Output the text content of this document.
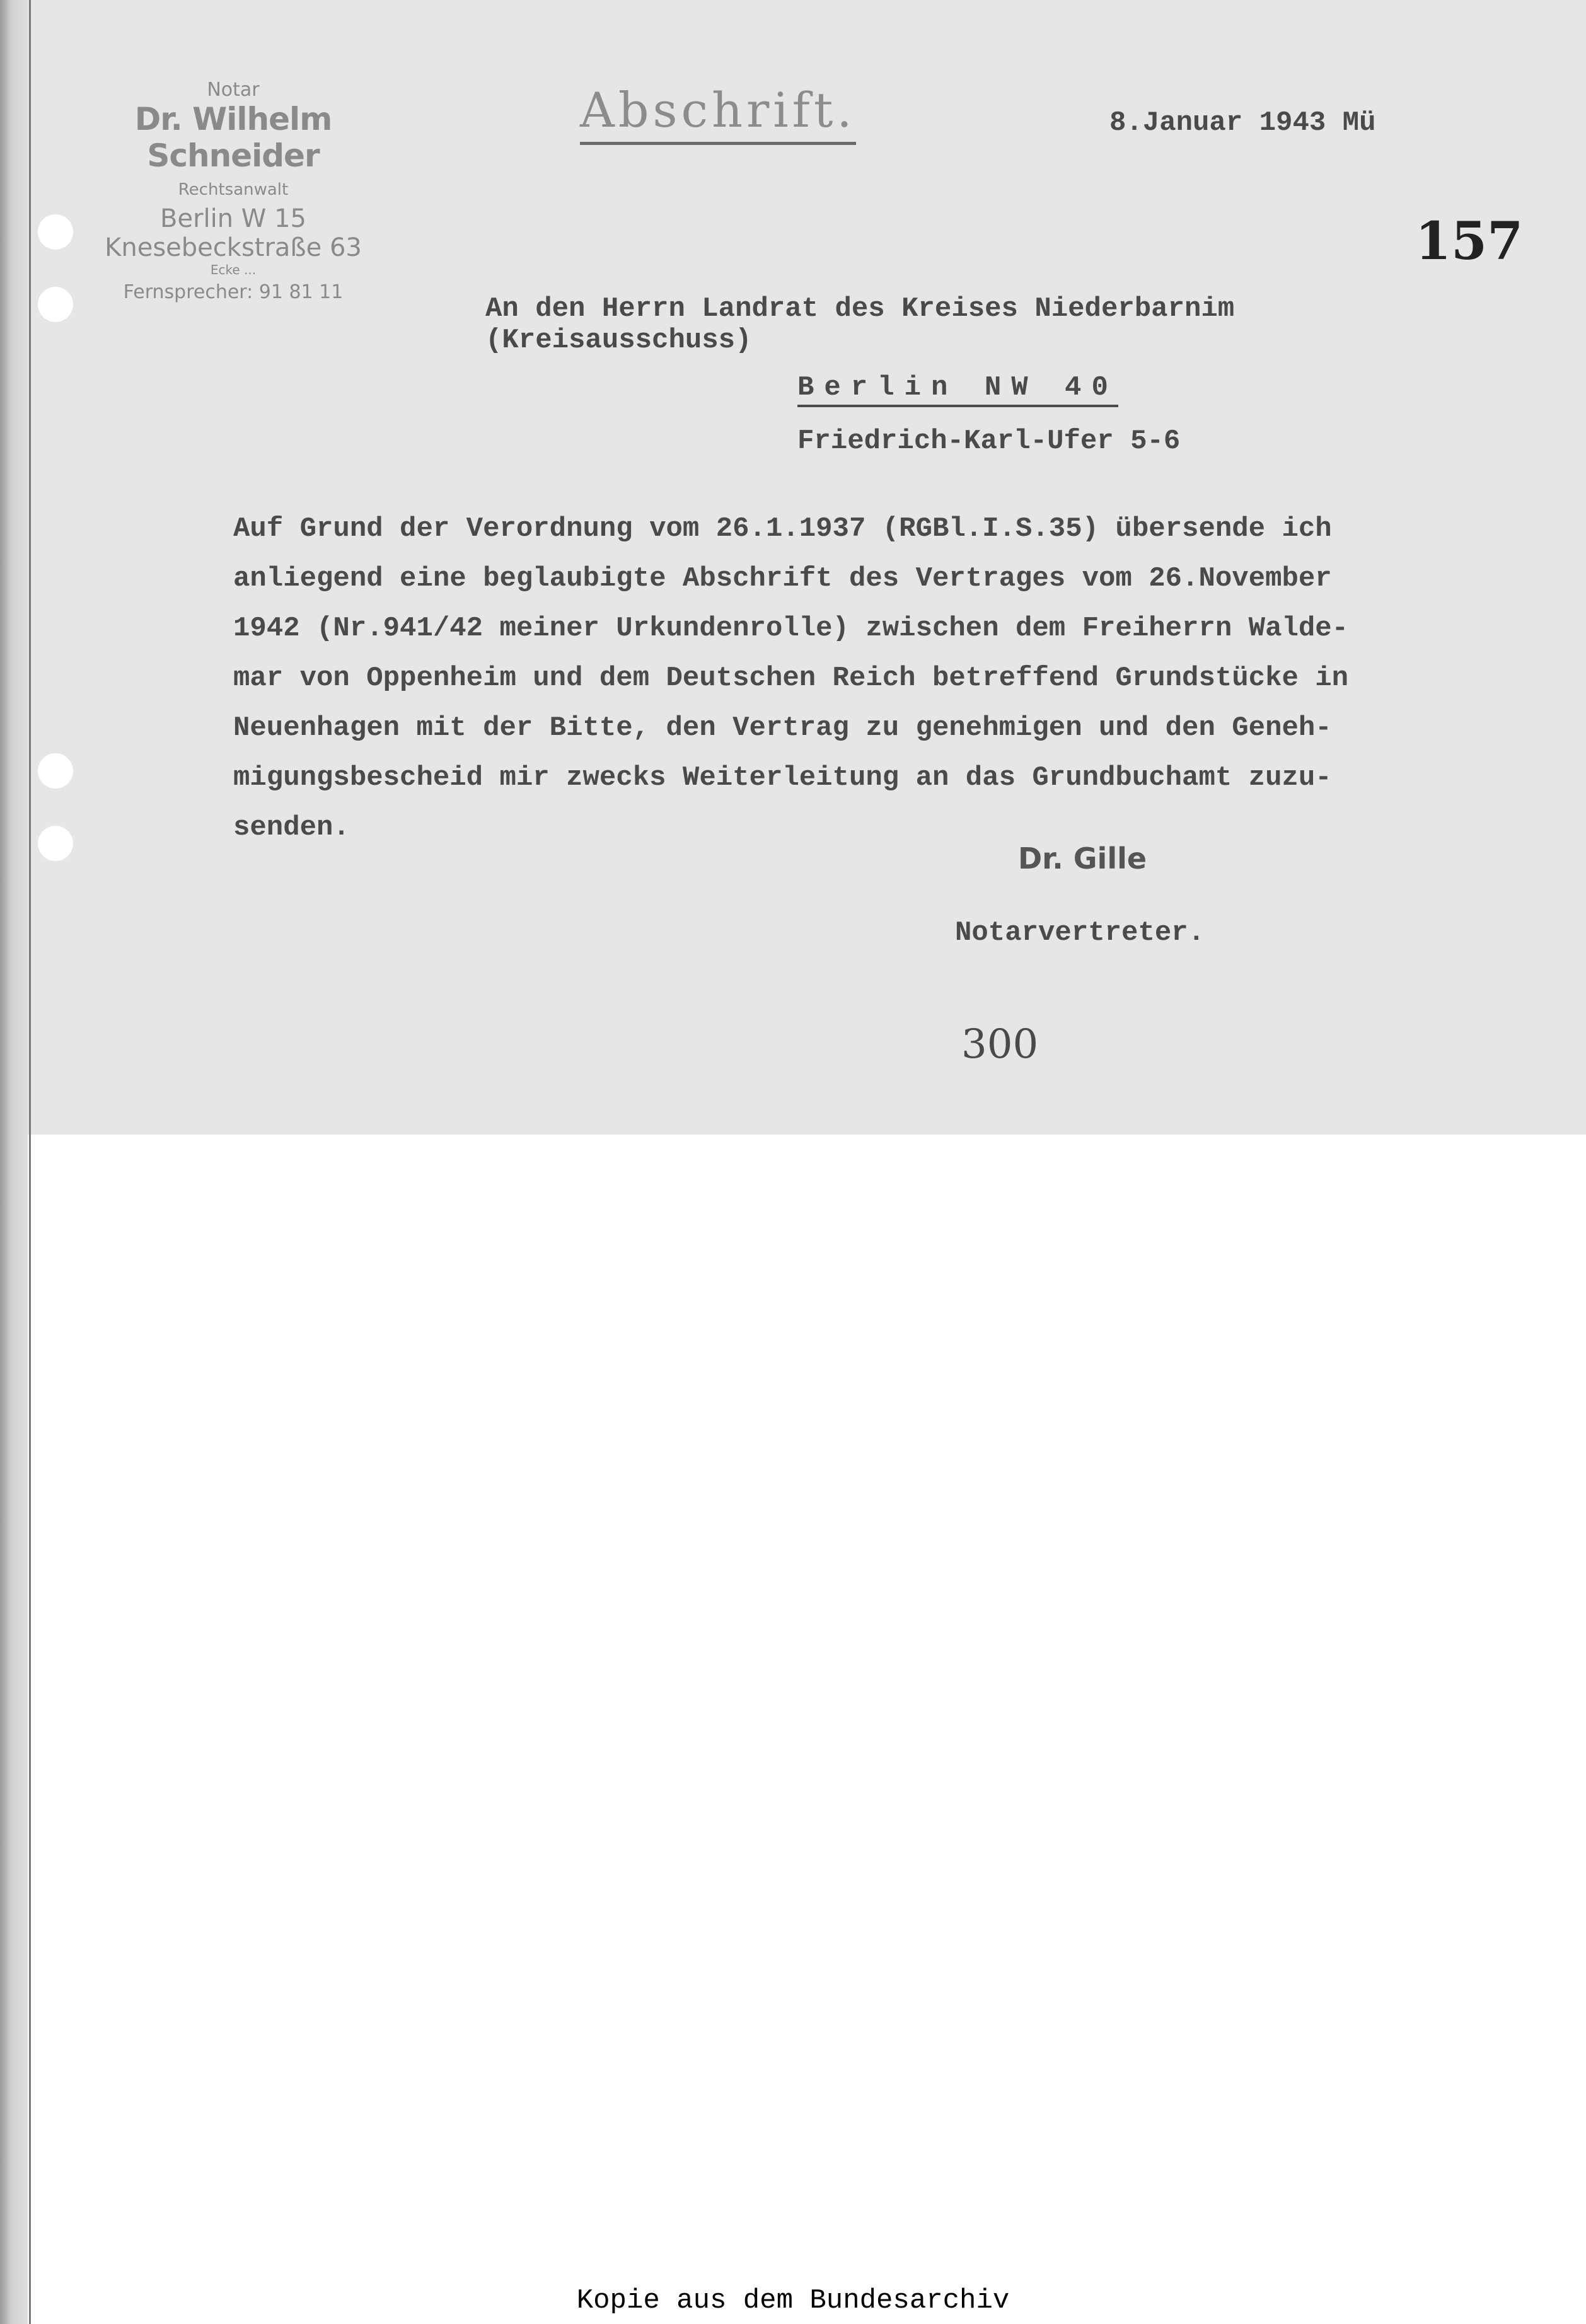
Notar
Dr. Wilhelm Schneider
Rechtsanwalt
Berlin W 15
Knesebeckstraße 63
Ecke ...
Fernsprecher: 91 81 11
Abschrift.	8.Januar 1943 Mü
157
An den Herrn Landrat des Kreises Niederbarnim
(Kreisausschuss)
Berlin NW 40
Friedrich-Karl-Ufer 5-6
Auf Grund der Verordnung vom 26.1.1937 (RGBl.I.S.35) übersende ich
anliegend eine beglaubigte Abschrift des Vertrages vom 26.November
1942 (Nr.941/42 meiner Urkundenrolle) zwischen dem Freiherrn Walde-
mar von Oppenheim und dem Deutschen Reich betreffend Grundstücke in
Neuenhagen mit der Bitte, den Vertrag zu genehmigen und den Geneh-
migungsbescheid mir zwecks Weiterleitung an das Grundbuchamt zuzu-
senden.
Dr. Gille
Notarvertreter.
300
Kopie aus dem Bundesarchiv
